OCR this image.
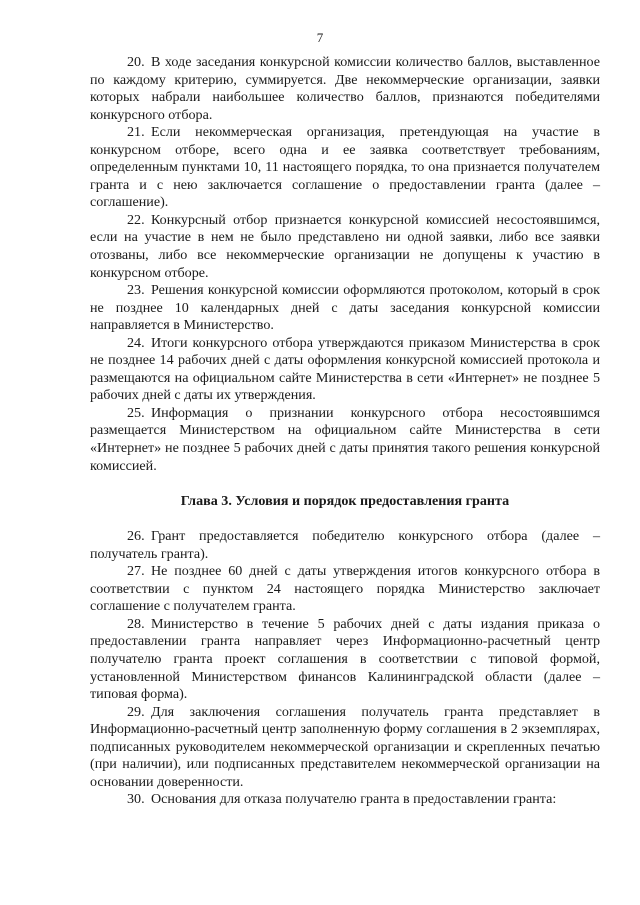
7

20. В ходе заседания конкурсной комиссии количество баллов, выставленное по каждому критерию, суммируется. Две некоммерческие организации, заявки которых набрали наибольшее количество баллов, признаются победителями конкурсного отбора.

21. Если некоммерческая организация, претендующая на участие в конкурсном отборе, всего одна и ее заявка соответствует требованиям, определенным пунктами 10, 11 настоящего порядка, то она признается получателем гранта и с нею заключается соглашение о предоставлении гранта (далее – соглашение).

22. Конкурсный отбор признается конкурсной комиссией несостоявшимся, если на участие в нем не было представлено ни одной заявки, либо все заявки отозваны, либо все некоммерческие организации не допущены к участию в конкурсном отборе.

23. Решения конкурсной комиссии оформляются протоколом, который в срок не позднее 10 календарных дней с даты заседания конкурсной комиссии направляется в Министерство.

24. Итоги конкурсного отбора утверждаются приказом Министерства в срок не позднее 14 рабочих дней с даты оформления конкурсной комиссией протокола и размещаются на официальном сайте Министерства в сети «Интернет» не позднее 5 рабочих дней с даты их утверждения.

25. Информация о признании конкурсного отбора несостоявшимся размещается Министерством на официальном сайте Министерства в сети «Интернет» не позднее 5 рабочих дней с даты принятия такого решения конкурсной комиссией.

Глава 3. Условия и порядок предоставления гранта

26. Грант предоставляется победителю конкурсного отбора (далее – получатель гранта).

27. Не позднее 60 дней с даты утверждения итогов конкурсного отбора в соответствии с пунктом 24 настоящего порядка Министерство заключает соглашение с получателем гранта.

28. Министерство в течение 5 рабочих дней с даты издания приказа о предоставлении гранта направляет через Информационно-расчетный центр получателю гранта проект соглашения в соответствии с типовой формой, установленной Министерством финансов Калининградской области (далее – типовая форма).

29. Для заключения соглашения получатель гранта представляет в Информационно-расчетный центр заполненную форму соглашения в 2 экземплярах, подписанных руководителем некоммерческой организации и скрепленных печатью (при наличии), или подписанных представителем некоммерческой организации на основании доверенности.

30. Основания для отказа получателю гранта в предоставлении гранта:
